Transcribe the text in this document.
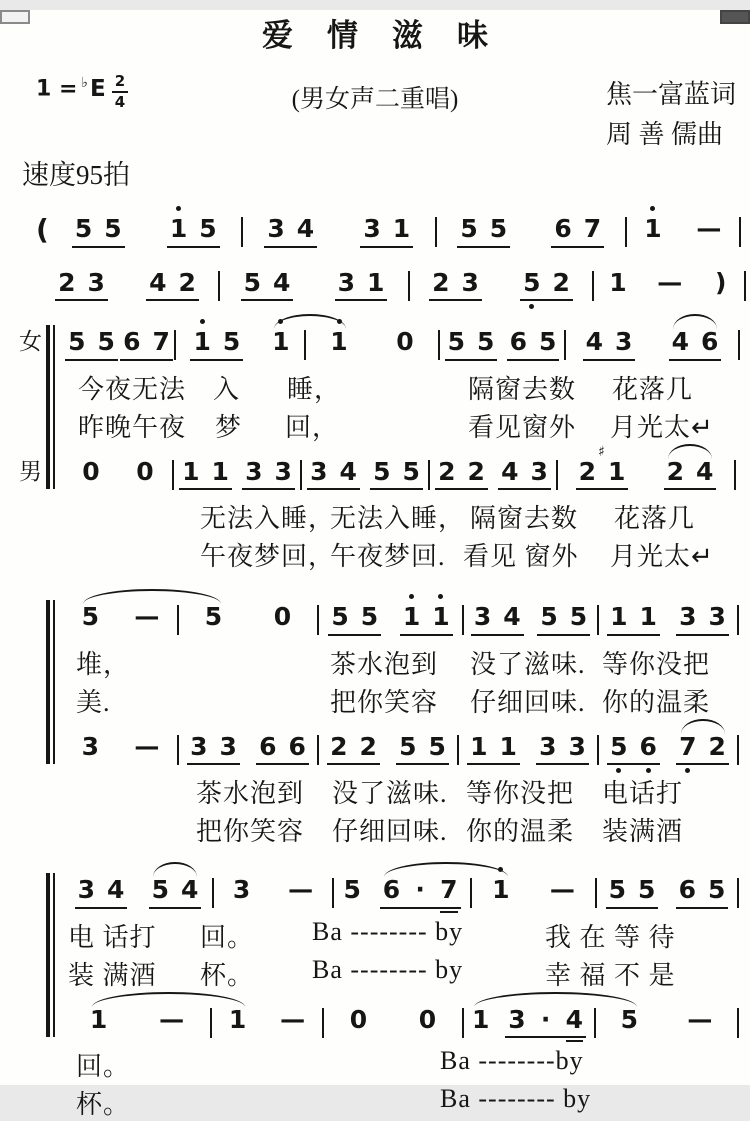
爱情滋味
$1 = ^♭E \frac{2}{4}$	(男女声二重唱)	焦一富蓝词
周 善 儒曲
速度95拍
( 5 5 1 5 3 4 3 1 5 5 6 7 1 —
2 3 4 2 5 4 3 1 2 3 5 2 1 — )
女	5 5 6 7 1 5 1 1 0 5 5 6 5 4 3 4 6
今夜无法 入 睡，	隔窗去数 花落几
昨晚午夜 梦 回，	看见窗外 月光太↵
男	0 0 1 1 3 3 3 4 5 5 2 2 4 3 2 1
♯
2 4
无法入睡，
无法入睡， 隔窗去数 花落几
午夜梦回，
午夜梦回. 看见 窗外 月光太↵
5 — 5 0 5 5 1 1 3 4 5 5 1 1 3 3
堆，	茶水泡到 没了滋味. 等你没把
美.	把你笑容 仔细回味. 你的温柔
3 — 3 3 6 6 2 2 5 5 1 1 3 3 5 6 7 2
茶水泡到 没了滋味. 等你没把 电话打
把你笑容 仔细回味. 你的温柔 装满酒
3 4 5 4 3 — 5 6 · 7 1 — 5 5 6 5
电 话打 回。 Ba -------- by	我 在 等 待
装 满酒 杯。 Ba -------- by	幸 福 不 是
1 — 1 — 0 0 1 3 · 4 5 —
回。	Ba --------by
杯。	Ba -------- by
